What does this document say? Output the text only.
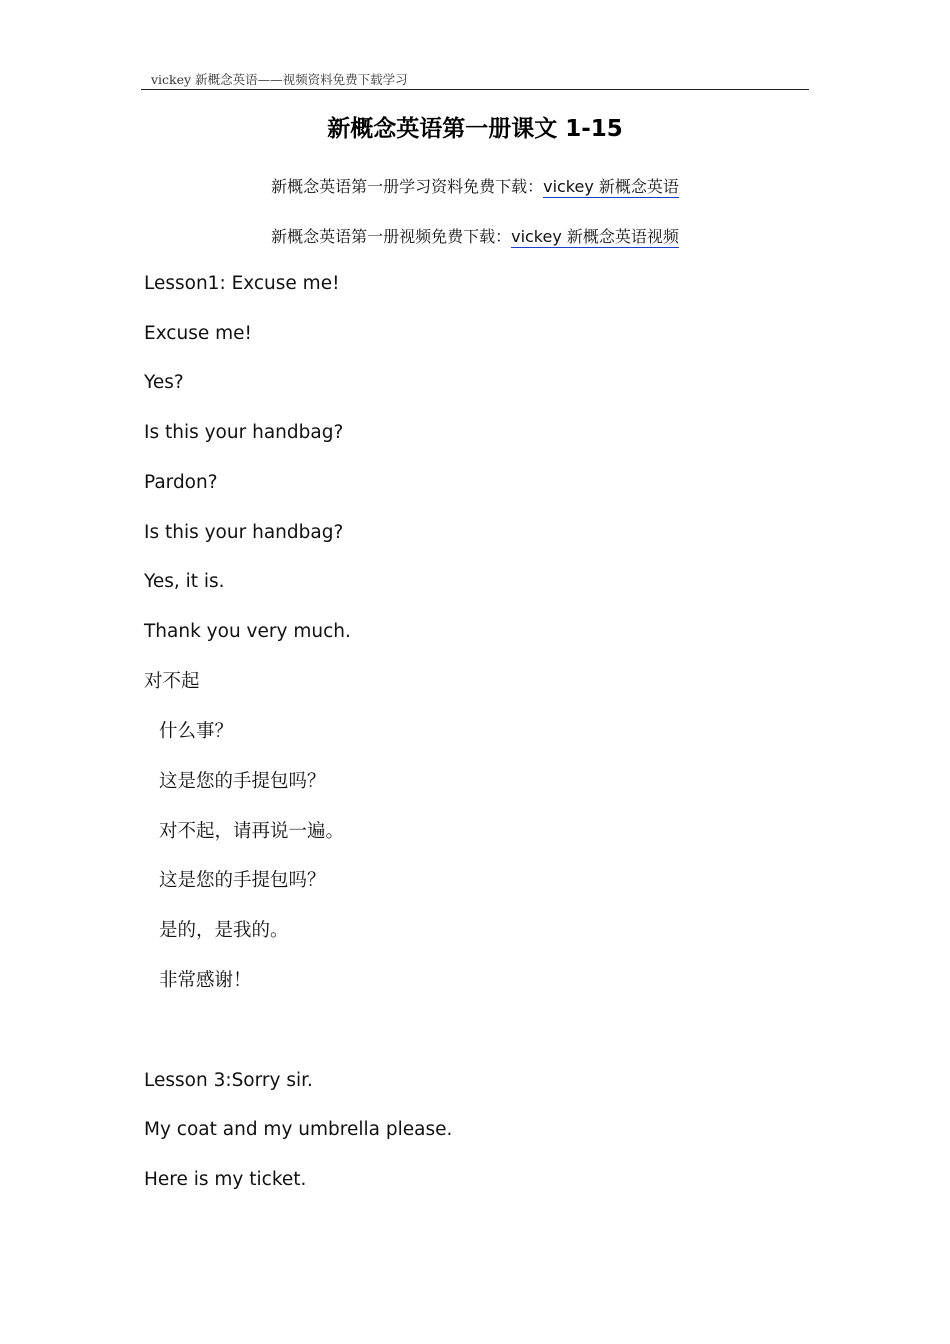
vickey 新概念英语——视频资料免费下载学习
新概念英语第一册课文 1-15
新概念英语第一册学习资料免费下载：vickey 新概念英语
新概念英语第一册视频免费下载：vickey 新概念英语视频
Lesson1: Excuse me!
Excuse me!
Yes?
Is this your handbag?
Pardon?
Is this your handbag?
Yes, it is.
Thank you very much.
对不起
什么事？
这是您的手提包吗？
对不起，请再说一遍。
这是您的手提包吗？
是的，是我的。
非常感谢！
Lesson 3:Sorry sir.
My coat and my umbrella please.
Here is my ticket.
